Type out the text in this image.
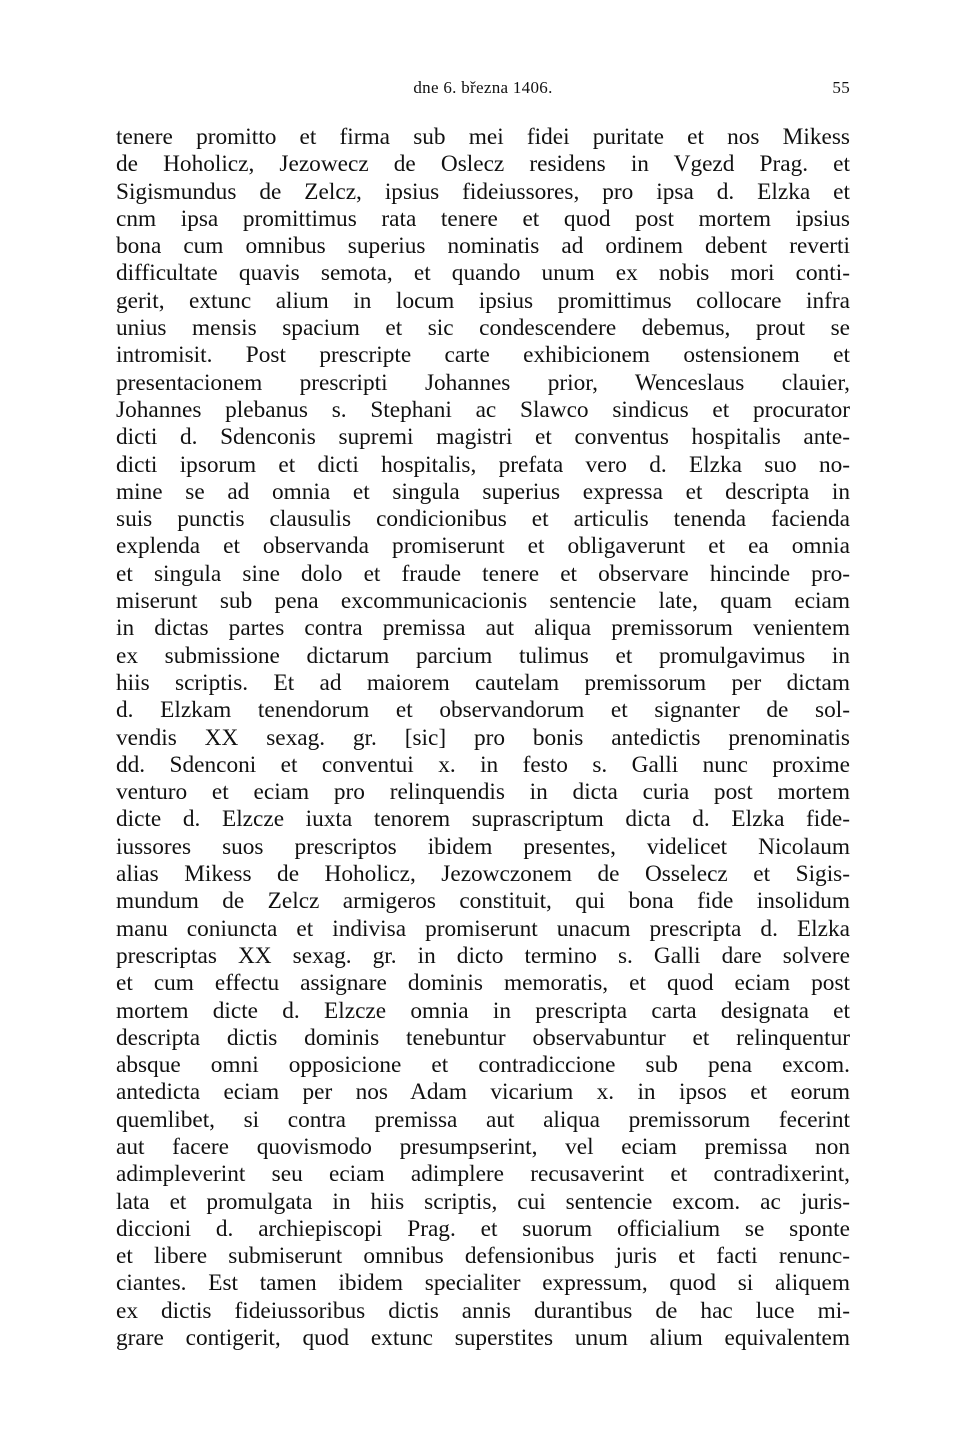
dne 6. března 1406.	55
tenere promitto et firma sub mei fidei puritate et nos Mikess
de Hoholicz, Jezowecz de Oslecz residens in Vgezd Prag. et
Sigismundus de Zelcz, ipsius fideiussores, pro ipsa d. Elzka et
cnm ipsa promittimus rata tenere et quod post mortem ipsius
bona cum omnibus superius nominatis ad ordinem debent reverti
difficultate quavis semota, et quando unum ex nobis mori conti-
gerit, extunc alium in locum ipsius promittimus collocare infra
unius mensis spacium et sic condescendere debemus, prout se
intromisit. Post prescripte carte exhibicionem ostensionem et
presentacionem prescripti Johannes prior, Wenceslaus clauier,
Johannes plebanus s. Stephani ac Slawco sindicus et procurator
dicti d. Sdenconis supremi magistri et conventus hospitalis ante-
dicti ipsorum et dicti hospitalis, prefata vero d. Elzka suo no-
mine se ad omnia et singula superius expressa et descripta in
suis punctis clausulis condicionibus et articulis tenenda facienda
explenda et observanda promiserunt et obligaverunt et ea omnia
et singula sine dolo et fraude tenere et observare hincinde pro-
miserunt sub pena excommunicacionis sentencie late, quam eciam
in dictas partes contra premissa aut aliqua premissorum venientem
ex submissione dictarum parcium tulimus et promulgavimus in
hiis scriptis. Et ad maiorem cautelam premissorum per dictam
d. Elzkam tenendorum et observandorum et signanter de sol-
vendis XX sexag. gr. [sic] pro bonis antedictis prenominatis
dd. Sdenconi et conventui x. in festo s. Galli nunc proxime
venturo et eciam pro relinquendis in dicta curia post mortem
dicte d. Elzcze iuxta tenorem suprascriptum dicta d. Elzka fide-
iussores suos prescriptos ibidem presentes, videlicet Nicolaum
alias Mikess de Hoholicz, Jezowczonem de Osselecz et Sigis-
mundum de Zelcz armigeros constituit, qui bona fide insolidum
manu coniuncta et indivisa promiserunt unacum prescripta d. Elzka
prescriptas XX sexag. gr. in dicto termino s. Galli dare solvere
et cum effectu assignare dominis memoratis, et quod eciam post
mortem dicte d. Elzcze omnia in prescripta carta designata et
descripta dictis dominis tenebuntur observabuntur et relinquentur
absque omni opposicione et contradiccione sub pena excom.
antedicta eciam per nos Adam vicarium x. in ipsos et eorum
quemlibet, si contra premissa aut aliqua premissorum fecerint
aut facere quovismodo presumpserint, vel eciam premissa non
adimpleverint seu eciam adimplere recusaverint et contradixerint,
lata et promulgata in hiis scriptis, cui sentencie excom. ac juris-
diccioni d. archiepiscopi Prag. et suorum officialium se sponte
et libere submiserunt omnibus defensionibus juris et facti renunc-
ciantes. Est tamen ibidem specialiter expressum, quod si aliquem
ex dictis fideiussoribus dictis annis durantibus de hac luce mi-
grare contigerit, quod extunc superstites unum alium equivalentem
